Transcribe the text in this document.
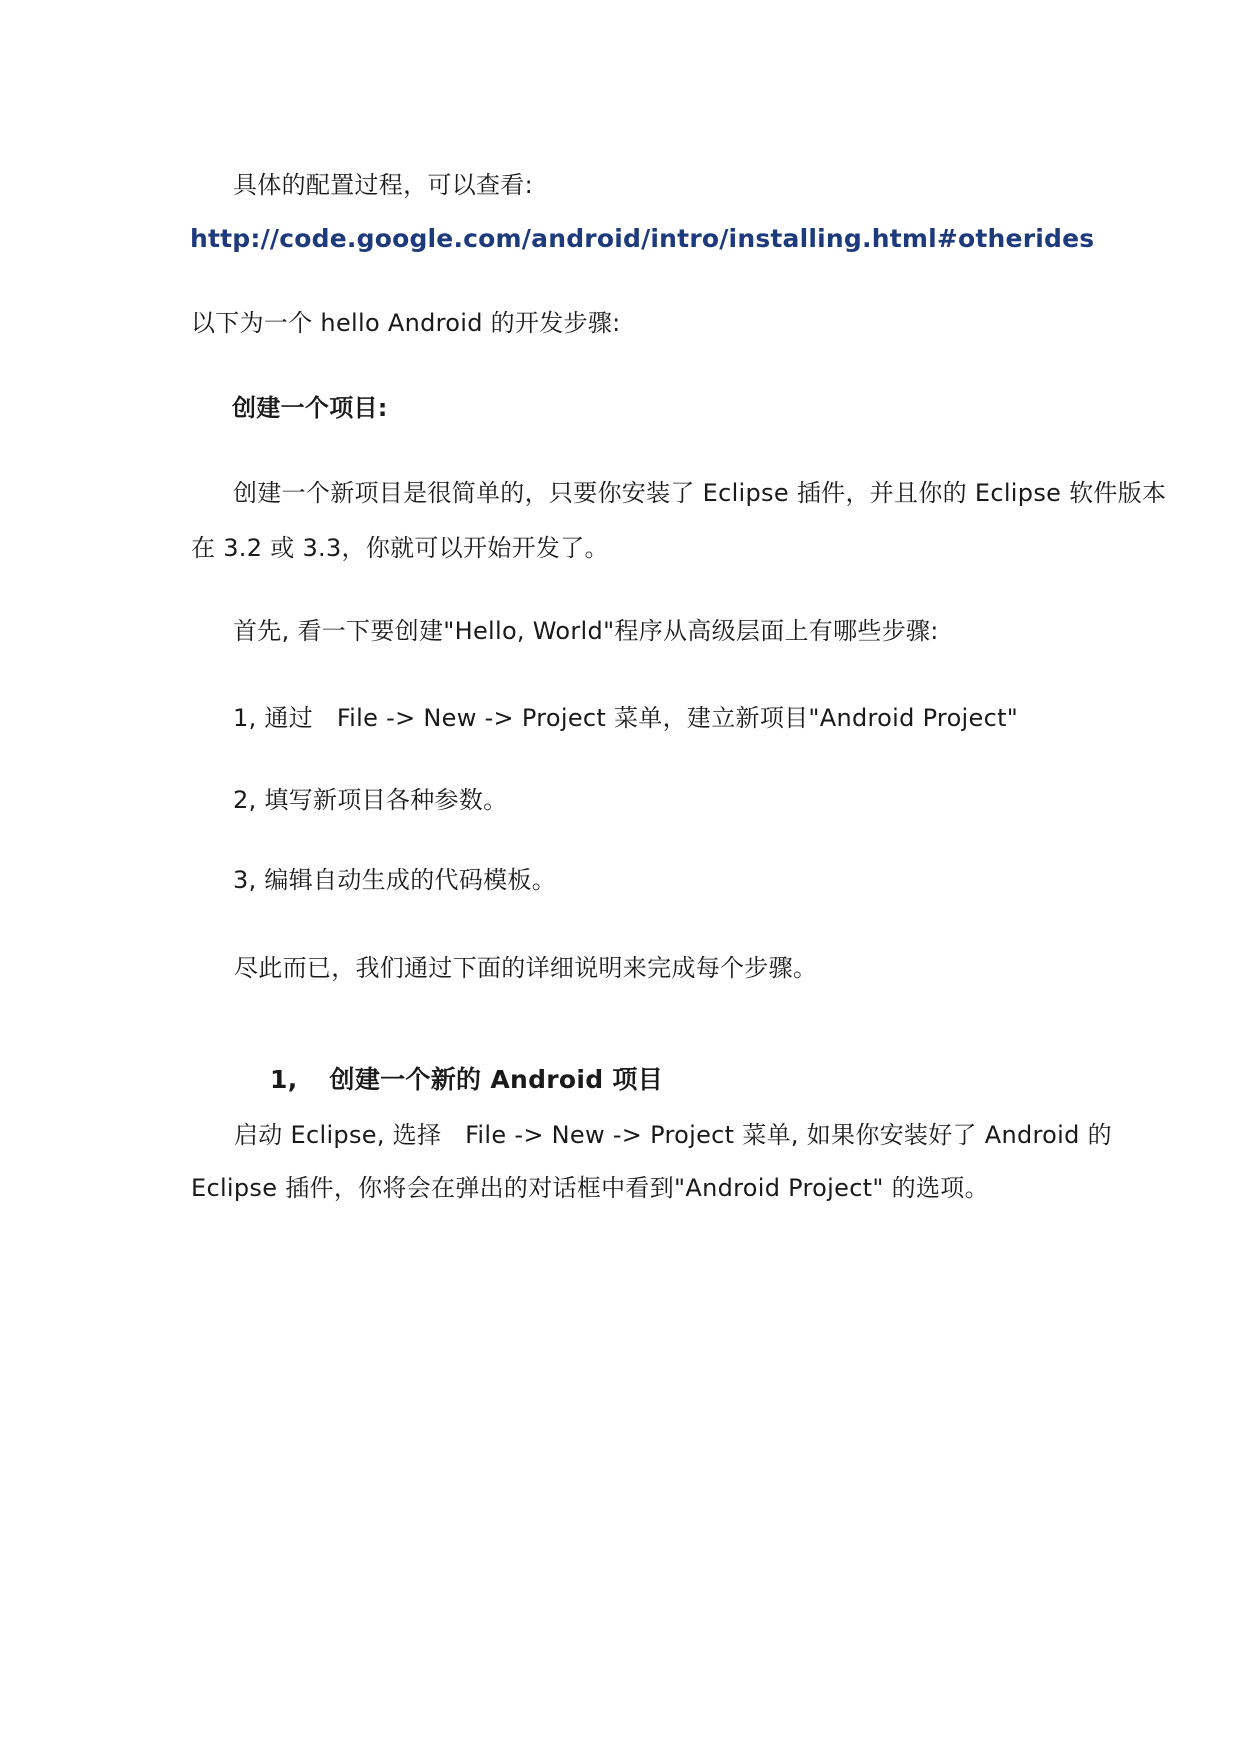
具体的配置过程，可以查看:
http://code.google.com/android/intro/installing.html#otherides
以下为一个 hello Android 的开发步骤:
创建一个项目:
创建一个新项目是很简单的，只要你安装了 Eclipse 插件，并且你的 Eclipse 软件版本
在 3.2 或 3.3，你就可以开始开发了。
首先, 看一下要创建"Hello, World"程序从高级层面上有哪些步骤:
1, 通过   File -> New -> Project 菜单，建立新项目"Android Project"
2, 填写新项目各种参数。
3, 编辑自动生成的代码模板。
尽此而已，我们通过下面的详细说明来完成每个步骤。

1, 创建一个新的 Android 项目

启动 Eclipse, 选择   File -> New -> Project 菜单, 如果你安装好了 Android 的
Eclipse 插件，你将会在弹出的对话框中看到"Android Project" 的选项。
